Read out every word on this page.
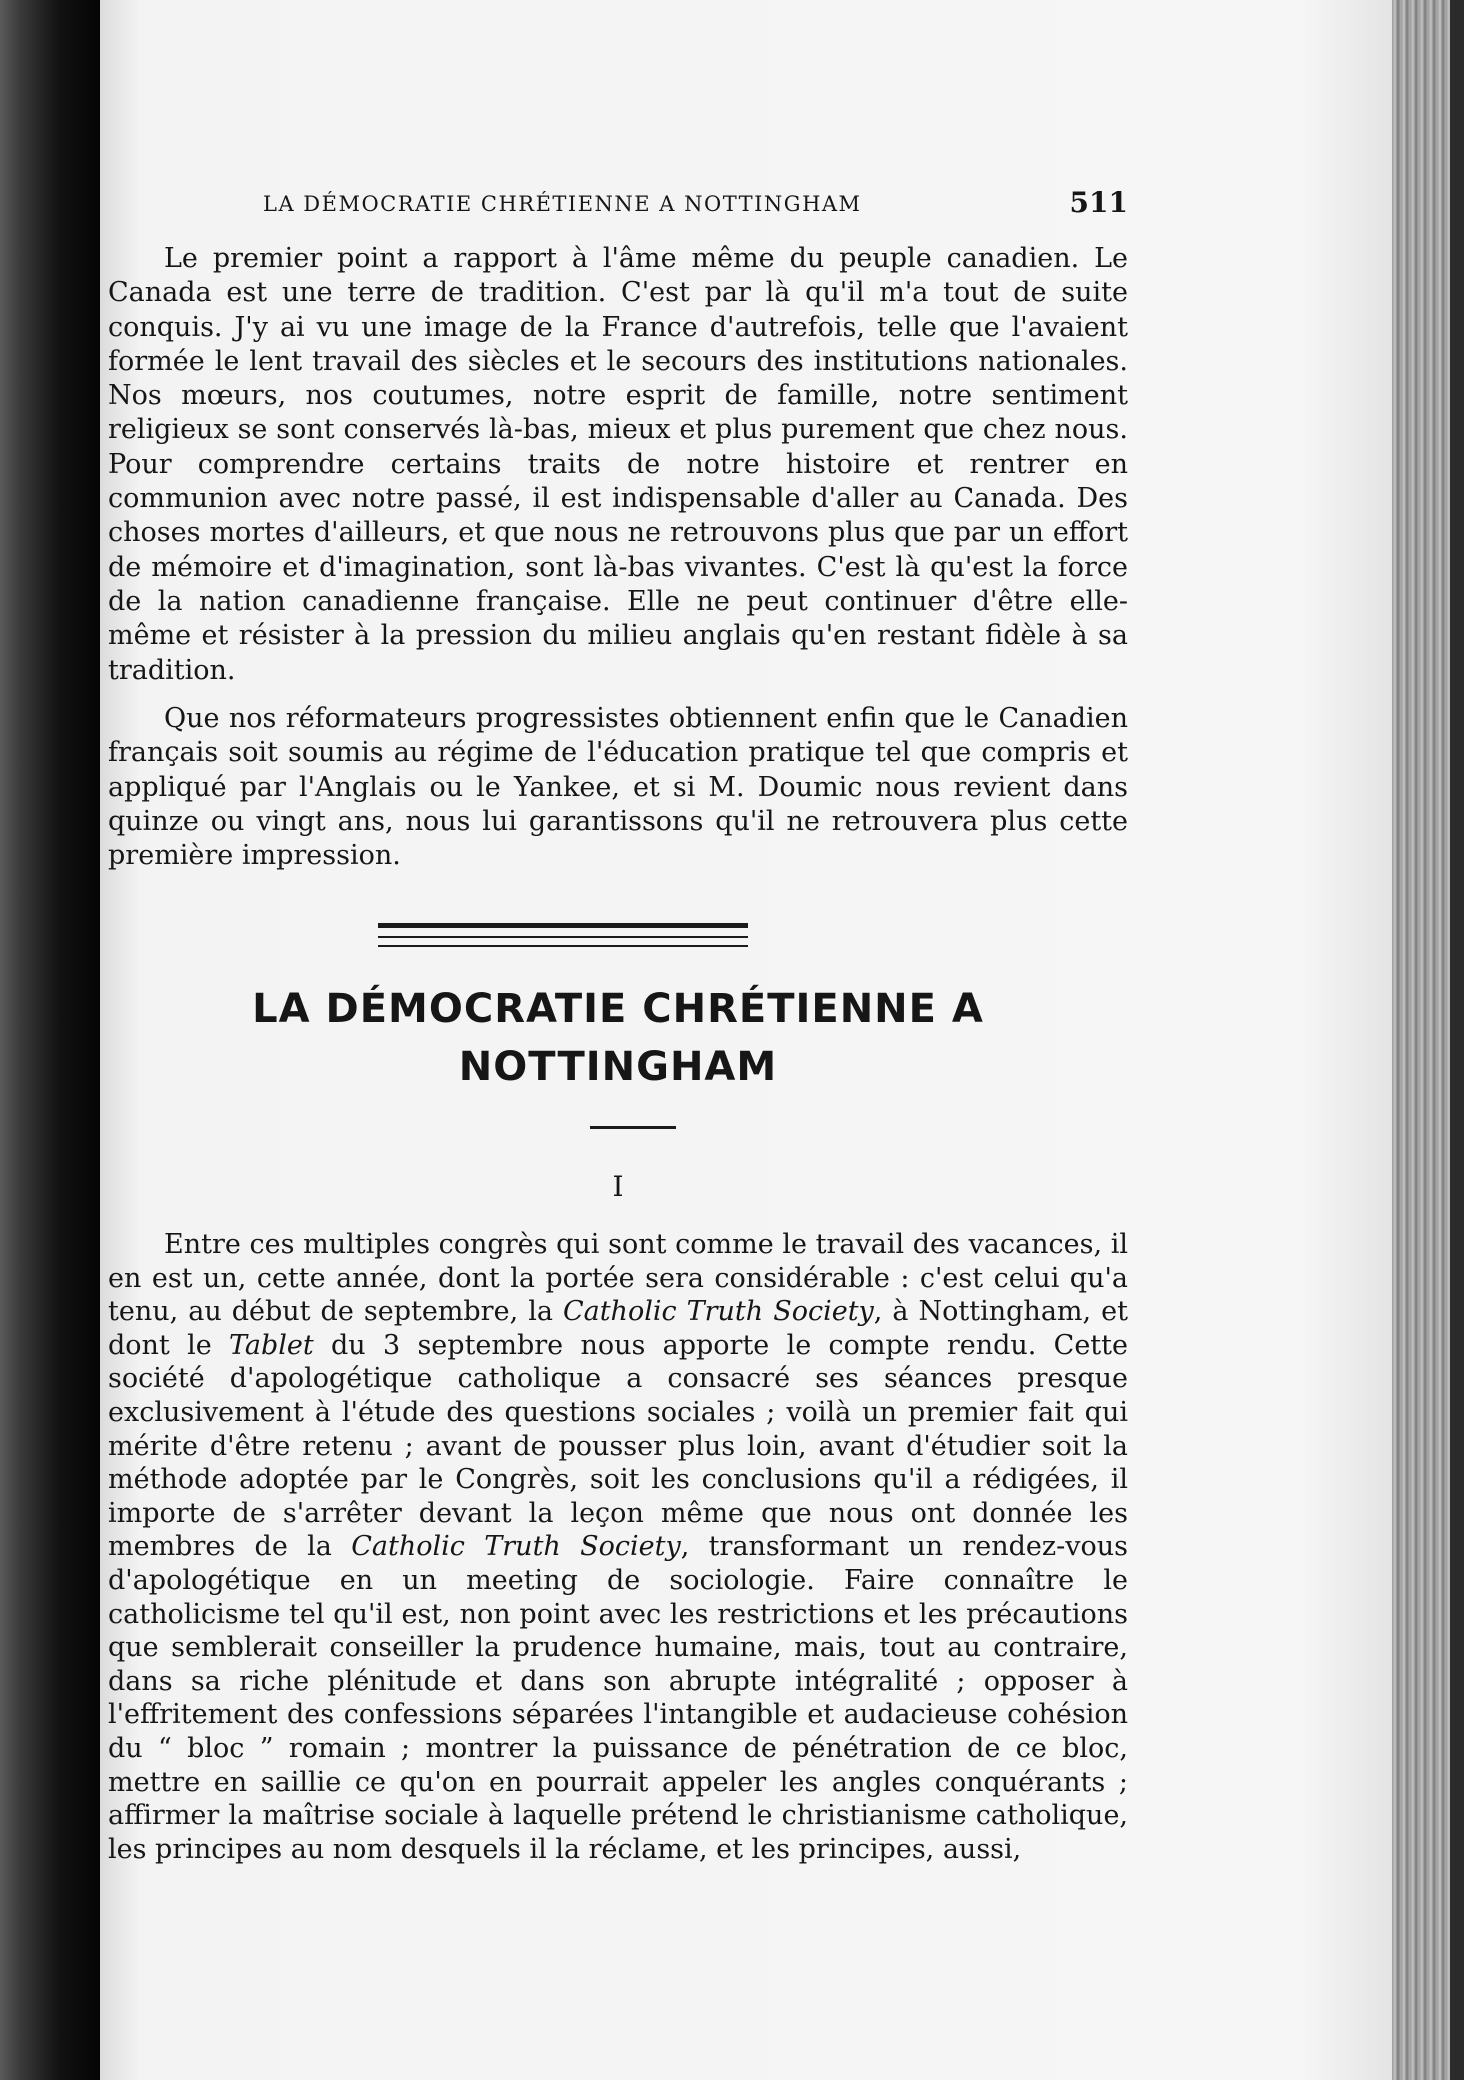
LA DÉMOCRATIE CHRÉTIENNE A NOTTINGHAM	511

Le premier point a rapport à l'âme même du peuple canadien. Le Canada est une terre de tradition. C'est par là qu'il m'a tout de suite conquis. J'y ai vu une image de la France d'autrefois, telle que l'avaient formée le lent travail des siècles et le secours des institutions nationales. Nos mœurs, nos coutumes, notre esprit de famille, notre sentiment religieux se sont conservés là-bas, mieux et plus purement que chez nous. Pour comprendre certains traits de notre histoire et rentrer en communion avec notre passé, il est indispensable d'aller au Canada. Des choses mortes d'ailleurs, et que nous ne retrouvons plus que par un effort de mémoire et d'imagination, sont là-bas vivantes. C'est là qu'est la force de la nation canadienne française. Elle ne peut continuer d'être elle-même et résister à la pression du milieu anglais qu'en restant fidèle à sa tradition.

Que nos réformateurs progressistes obtiennent enfin que le Canadien français soit soumis au régime de l'éducation pratique tel que compris et appliqué par l'Anglais ou le Yankee, et si M. Doumic nous revient dans quinze ou vingt ans, nous lui garantissons qu'il ne retrouvera plus cette première impression.

LA DÉMOCRATIE CHRÉTIENNE A
NOTTINGHAM

I

Entre ces multiples congrès qui sont comme le travail des vacances, il en est un, cette année, dont la portée sera considérable : c'est celui qu'a tenu, au début de septembre, la Catholic Truth Society, à Nottingham, et dont le Tablet du 3 septembre nous apporte le compte rendu. Cette société d'apologétique catholique a consacré ses séances presque exclusivement à l'étude des questions sociales ; voilà un premier fait qui mérite d'être retenu ; avant de pousser plus loin, avant d'étudier soit la méthode adoptée par le Congrès, soit les conclusions qu'il a rédigées, il importe de s'arrêter devant la leçon même que nous ont donnée les membres de la Catholic Truth Society, transformant un rendez-vous d'apologétique en un meeting de sociologie. Faire connaître le catholicisme tel qu'il est, non point avec les restrictions et les précautions que semblerait conseiller la prudence humaine, mais, tout au contraire, dans sa riche plénitude et dans son abrupte intégralité ; opposer à l'effritement des confessions séparées l'intangible et audacieuse cohésion du “ bloc ” romain ; montrer la puissance de pénétration de ce bloc, mettre en saillie ce qu'on en pourrait appeler les angles conquérants ; affirmer la maîtrise sociale à laquelle prétend le christianisme catholique, les principes au nom desquels il la réclame, et les principes, aussi,
